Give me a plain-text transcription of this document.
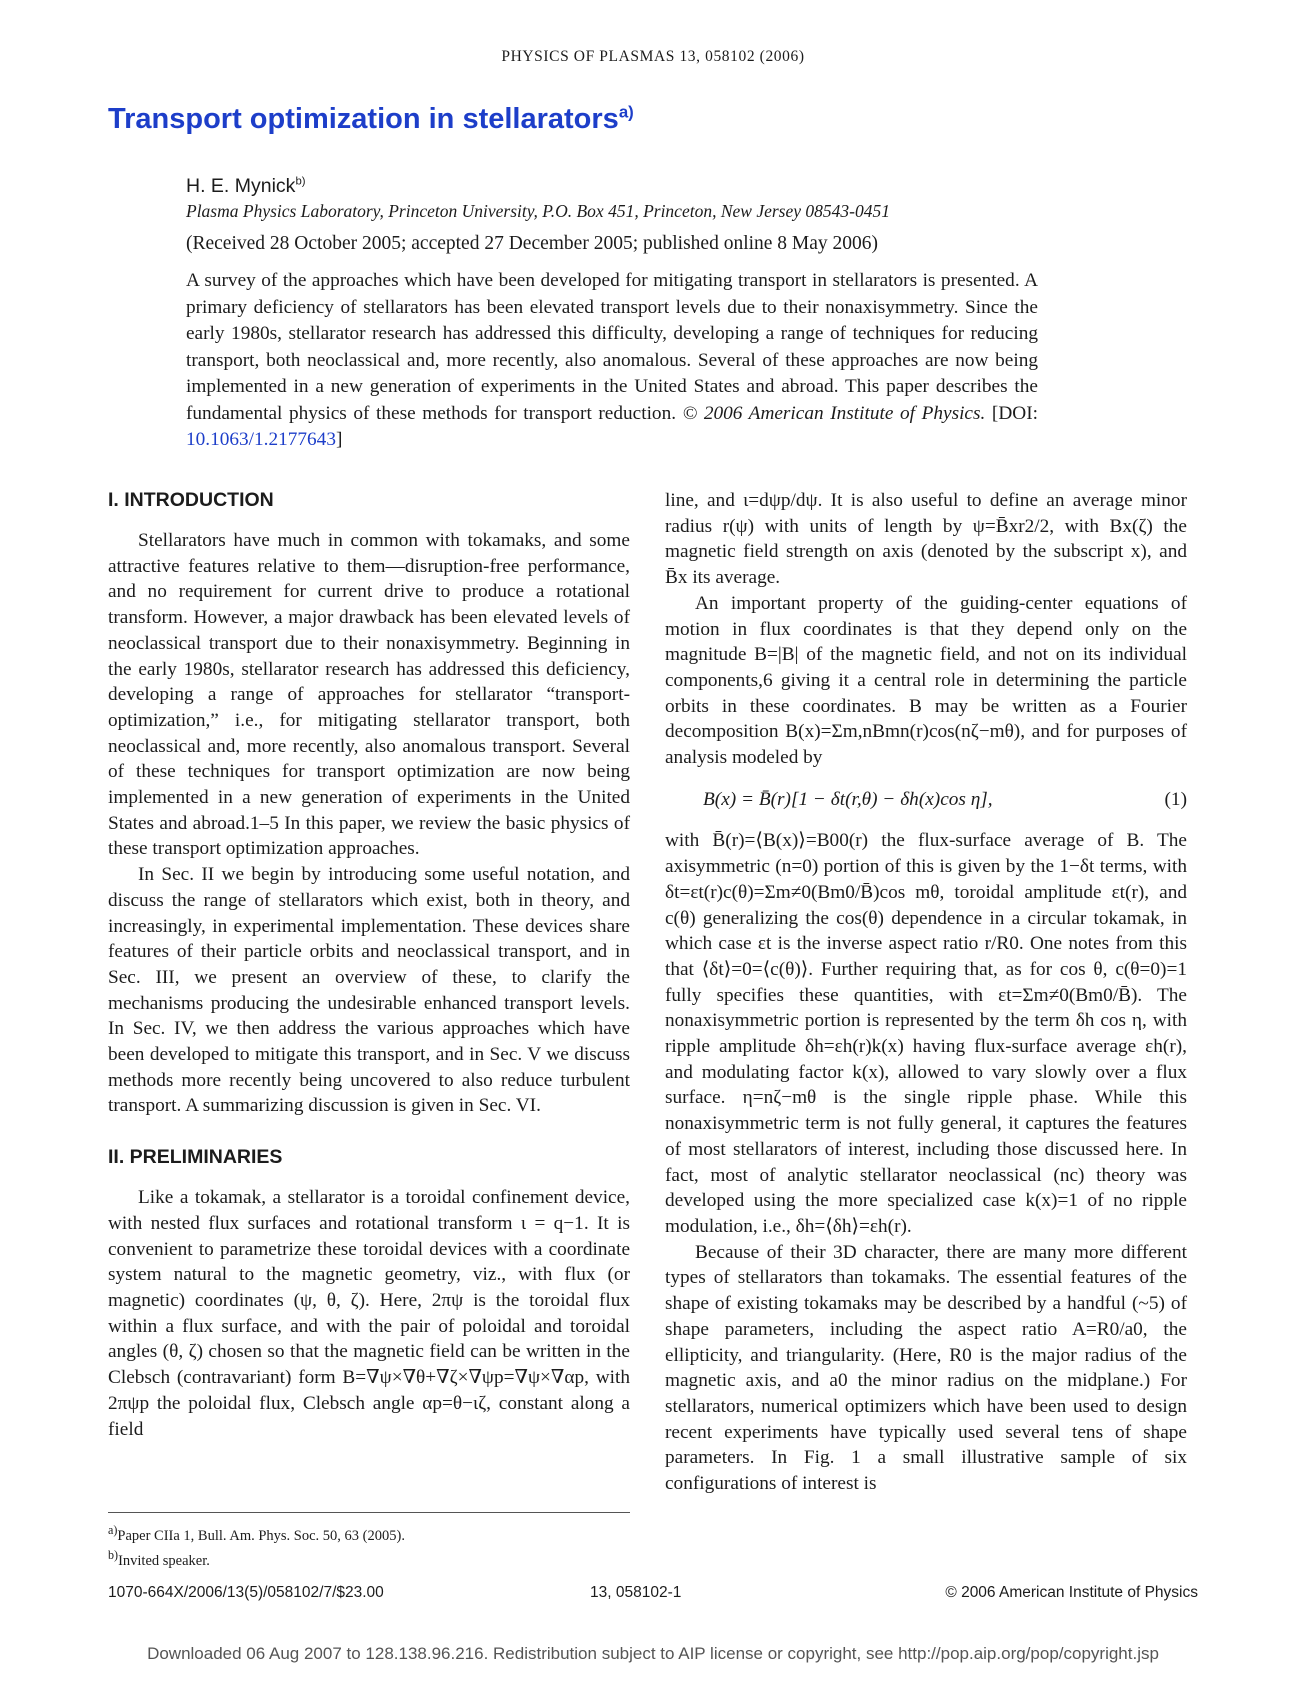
PHYSICS OF PLASMAS 13, 058102 (2006)
Transport optimization in stellarators$^{a)}$
H. E. Mynick$^{b)}$
Plasma Physics Laboratory, Princeton University, P.O. Box 451, Princeton, New Jersey 08543-0451
(Received 28 October 2005; accepted 27 December 2005; published online 8 May 2006)

A survey of the approaches which have been developed for mitigating transport in stellarators is presented. A primary deficiency of stellarators has been elevated transport levels due to their nonaxisymmetry. Since the early 1980s, stellarator research has addressed this difficulty, developing a range of techniques for reducing transport, both neoclassical and, more recently, also anomalous. Several of these approaches are now being implemented in a new generation of experiments in the United States and abroad. This paper describes the fundamental physics of these methods for transport reduction. © 2006 American Institute of Physics. [DOI: 10.1063/1.2177643]

I. INTRODUCTION

Stellarators have much in common with tokamaks, and some attractive features relative to them—disruption-free performance, and no requirement for current drive to produce a rotational transform. However, a major drawback has been elevated levels of neoclassical transport due to their nonaxisymmetry. Beginning in the early 1980s, stellarator research has addressed this deficiency, developing a range of approaches for stellarator “transport-optimization,” i.e., for mitigating stellarator transport, both neoclassical and, more recently, also anomalous transport. Several of these techniques for transport optimization are now being implemented in a new generation of experiments in the United States and abroad.1–5 In this paper, we review the basic physics of these transport optimization approaches.

In Sec. II we begin by introducing some useful notation, and discuss the range of stellarators which exist, both in theory, and increasingly, in experimental implementation. These devices share features of their particle orbits and neoclassical transport, and in Sec. III, we present an overview of these, to clarify the mechanisms producing the undesirable enhanced transport levels. In Sec. IV, we then address the various approaches which have been developed to mitigate this transport, and in Sec. V we discuss methods more recently being uncovered to also reduce turbulent transport. A summarizing discussion is given in Sec. VI.

II. PRELIMINARIES

Like a tokamak, a stellarator is a toroidal confinement device, with nested flux surfaces and rotational transform ι = q−1. It is convenient to parametrize these toroidal devices with a coordinate system natural to the magnetic geometry, viz., with flux (or magnetic) coordinates (ψ, θ, ζ). Here, 2πψ is the toroidal flux within a flux surface, and with the pair of poloidal and toroidal angles (θ, ζ) chosen so that the magnetic field can be written in the Clebsch (contravariant) form B=∇ψ×∇θ+∇ζ×∇ψp=∇ψ×∇αp, with 2πψp the poloidal flux, Clebsch angle αp=θ−ιζ, constant along a field

line, and ι=dψp/dψ. It is also useful to define an average minor radius r(ψ) with units of length by ψ=B̄xr2/2, with Bx(ζ) the magnetic field strength on axis (denoted by the subscript x), and B̄x its average.

An important property of the guiding-center equations of motion in flux coordinates is that they depend only on the magnitude B=|B| of the magnetic field, and not on its individual components,6 giving it a central role in determining the particle orbits in these coordinates. B may be written as a Fourier decomposition B(x)=Σm,nBmn(r)cos(nζ−mθ), and for purposes of analysis modeled by

B(x) = B̄(r)[1 − δt(r,θ) − δh(x)cos η],	(1)

with B̄(r)=⟨B(x)⟩=B00(r) the flux-surface average of B. The axisymmetric (n=0) portion of this is given by the 1−δt terms, with δt=εt(r)c(θ)=Σm≠0(Bm0/B̄)cos mθ, toroidal amplitude εt(r), and c(θ) generalizing the cos(θ) dependence in a circular tokamak, in which case εt is the inverse aspect ratio r/R0. One notes from this that ⟨δt⟩=0=⟨c(θ)⟩. Further requiring that, as for cos θ, c(θ=0)=1 fully specifies these quantities, with εt=Σm≠0(Bm0/B̄). The nonaxisymmetric portion is represented by the term δh cos η, with ripple amplitude δh=εh(r)k(x) having flux-surface average εh(r), and modulating factor k(x), allowed to vary slowly over a flux surface. η=nζ−mθ is the single ripple phase. While this nonaxisymmetric term is not fully general, it captures the features of most stellarators of interest, including those discussed here. In fact, most of analytic stellarator neoclassical (nc) theory was developed using the more specialized case k(x)=1 of no ripple modulation, i.e., δh=⟨δh⟩=εh(r).

Because of their 3D character, there are many more different types of stellarators than tokamaks. The essential features of the shape of existing tokamaks may be described by a handful (~5) of shape parameters, including the aspect ratio A=R0/a0, the ellipticity, and triangularity. (Here, R0 is the major radius of the magnetic axis, and a0 the minor radius on the midplane.) For stellarators, numerical optimizers which have been used to design recent experiments have typically used several tens of shape parameters. In Fig. 1 a small illustrative sample of six configurations of interest is

$^{a)}$Paper CIIa 1, Bull. Am. Phys. Soc. 50, 63 (2005).
$^{b)}$Invited speaker.
1070-664X/2006/13(5)/058102/7/$23.00	13, 058102-1	© 2006 American Institute of Physics
Downloaded 06 Aug 2007 to 128.138.96.216. Redistribution subject to AIP license or copyright, see http://pop.aip.org/pop/copyright.jsp
